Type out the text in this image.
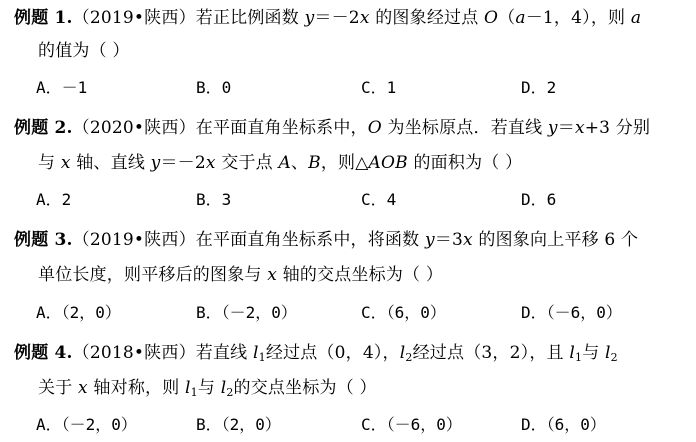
例题 1.（2019•陕西）若正比例函数 y＝－2x 的图象经过点 O（a－1，4），则 a
的值为（ ）
A．－1	B．0	C．1	D．2
例题 2.（2020•陕西）在平面直角坐标系中，O 为坐标原点．若直线 y＝x+3 分别
与 x 轴、直线 y＝－2x 交于点 A、B，则△AOB 的面积为（ ）
A．2	B．3	C．4	D．6
例题 3.（2019•陕西）在平面直角坐标系中，将函数 y＝3x 的图象向上平移 6 个
单位长度，则平移后的图象与 x 轴的交点坐标为（ ）
A．（2，0）	B．（－2，0）	C．（6，0）	D．（－6，0）
例题 4.（2018•陕西）若直线 $l_1$经过点（0，4），$l_2$经过点（3，2），且 $l_1$与 $l_2$
关于 x 轴对称，则 $l_1$与 $l_2$的交点坐标为（ ）
A．（－2，0）	B．（2，0）	C．（－6，0）	D．（6，0）
